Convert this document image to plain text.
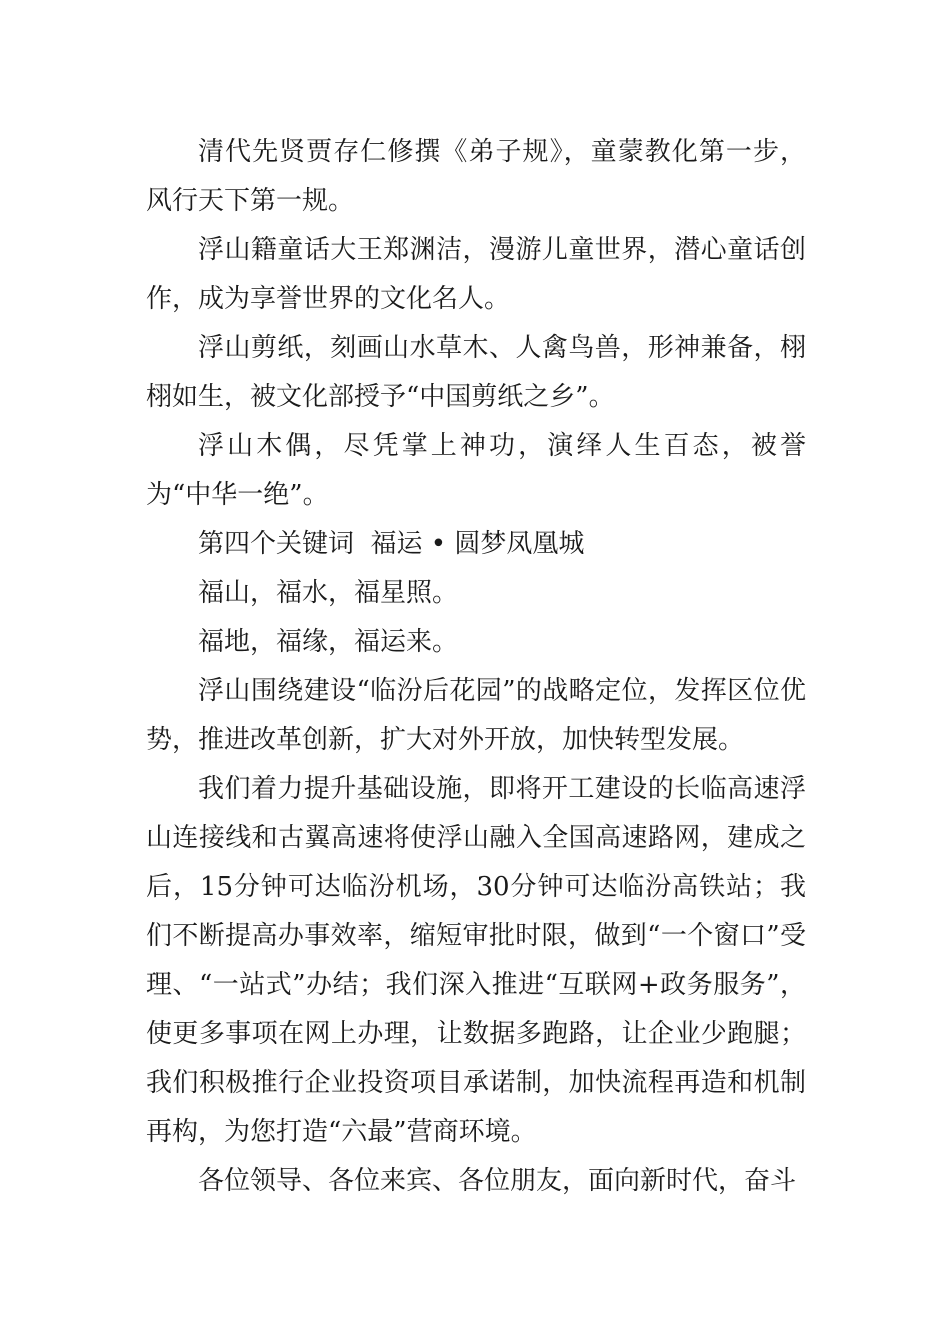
清代先贤贾存仁修撰《弟子规》，童蒙教化第一步，风行天下第一规。

浮山籍童话大王郑渊洁，漫游儿童世界，潜心童话创作，成为享誉世界的文化名人。

浮山剪纸，刻画山水草木、人禽鸟兽，形神兼备，栩栩如生，被文化部授予“中国剪纸之乡”。

浮山木偶，尽凭掌上神功，演绎人生百态，被誉为“中华一绝”。

第四个关键词  福运 • 圆梦凤凰城

福山，福水，福星照。

福地，福缘，福运来。

浮山围绕建设“临汾后花园”的战略定位，发挥区位优势，推进改革创新，扩大对外开放，加快转型发展。

我们着力提升基础设施，即将开工建设的长临高速浮山连接线和古翼高速将使浮山融入全国高速路网，建成之后，15分钟可达临汾机场，30分钟可达临汾高铁站；我们不断提高办事效率，缩短审批时限，做到“一个窗口”受理、“一站式”办结；我们深入推进“互联网+政务服务”，使更多事项在网上办理，让数据多跑路，让企业少跑腿；我们积极推行企业投资项目承诺制，加快流程再造和机制再构，为您打造“六最”营商环境。

各位领导、各位来宾、各位朋友，面向新时代，奋斗
